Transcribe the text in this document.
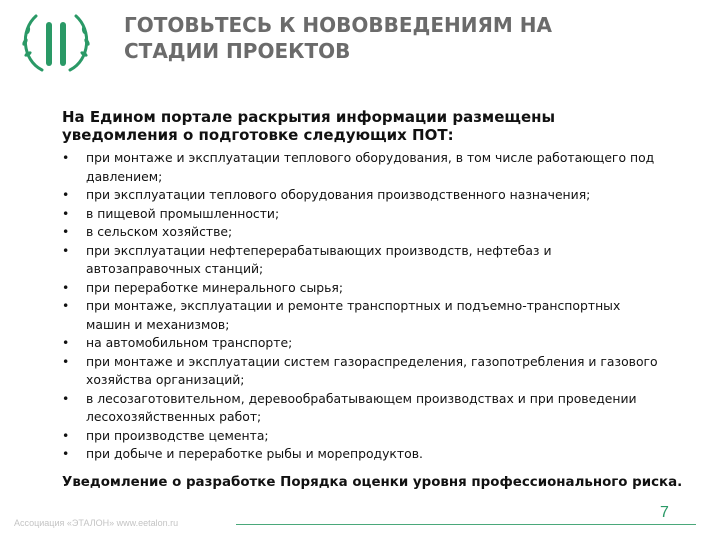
ГОТОВЬТЕСЬ К НОВОВВЕДЕНИЯМ НА
СТАДИИ ПРОЕКТОВ
На Едином портале раскрытия информации размещены
уведомления о подготовке следующих ПОТ:
• при монтаже и эксплуатации теплового оборудования, в том числе работающего под
давлением;
• при эксплуатации теплового оборудования производственного назначения;
• в пищевой промышленности;
• в сельском хозяйстве;
• при эксплуатации нефтеперерабатывающих производств, нефтебаз и
автозаправочных станций;
• при переработке минерального сырья;
• при монтаже, эксплуатации и ремонте транспортных и подъемно-транспортных
машин и механизмов;
• на автомобильном транспорте;
• при монтаже и эксплуатации систем газораспределения, газопотребления и газового
хозяйства организаций;
• в лесозаготовительном, деревообрабатывающем производствах и при проведении
лесохозяйственных работ;
• при производстве цемента;
• при добыче и переработке рыбы и морепродуктов.
Уведомление о разработке Порядка оценки уровня профессионального риска.
Ассоциация «ЭТАЛОН» www.eetalon.ru
7
